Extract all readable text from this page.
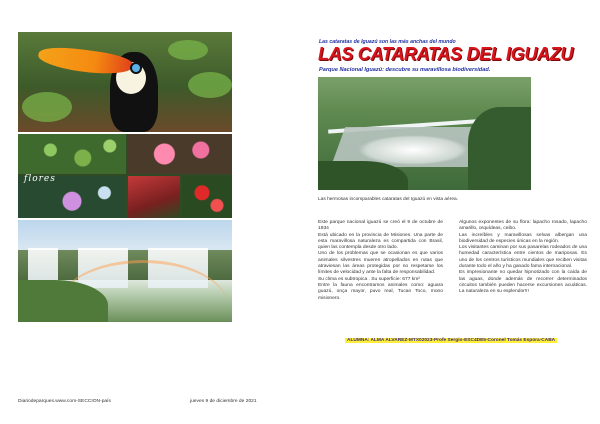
flores
Las cataratas de Iguazú son las más anchas del mundo
LAS CATARATAS DEL IGUAZU
Parque Nacional Iguazú: descubre su maravillosa biodiversidad.
Las hermosas incomparables cataratas del Iguazú en vista aérea.

Este parque nacional iguazú se creó el 9 de octubre de 1934

Está ubicado en la provincia de Misiones. Una parte de esta maravillosa naturaleza es compartida con Brasil, quien las contempla desde otro lado.

Uno de los problemas que se ocasionan es que varios animales silvestres mueren atropellados en rutas que atraviesan las áreas protegidas por no respetarse los límites de velocidad y ante la falta de responsabilidad.

Su clima es subtropica . Su superficie: 677 km²

Entre la fauna encontramos animales como: aguara guazú, onça mayor, puvo real, Tucan Toco, mono misionero.

Algunos exponentes de su flora: lapacho rosado, lapacho amarillo, orquídeas, ceibo.

Las increíbles y maravillosas selvas albergan una biodiversidad de especies únicas en la región.

Los visitantes caminan por sus pasarelas rodeados de una humedad característica entre cientos de mariposas. Es uno de los centros turísticos mundiales que reciben visitas durante todo el año y ha ganado fama internacional.

Es impresionante no quedar hipnotizado con la caída de las aguas, donde además de recorrer determinados circuitos también pueden hacerse excursiones acuáticas. La naturaleza en su esplendor!!!

ALUMNA: ALMA ALVAREZ-MTX02023-Profe Sergio-ESC4DE5-Coronel Tomás Espora-CABA
Diariodeparques.www.com-SECCION-país	jueves 9 de diciembre de 2021
